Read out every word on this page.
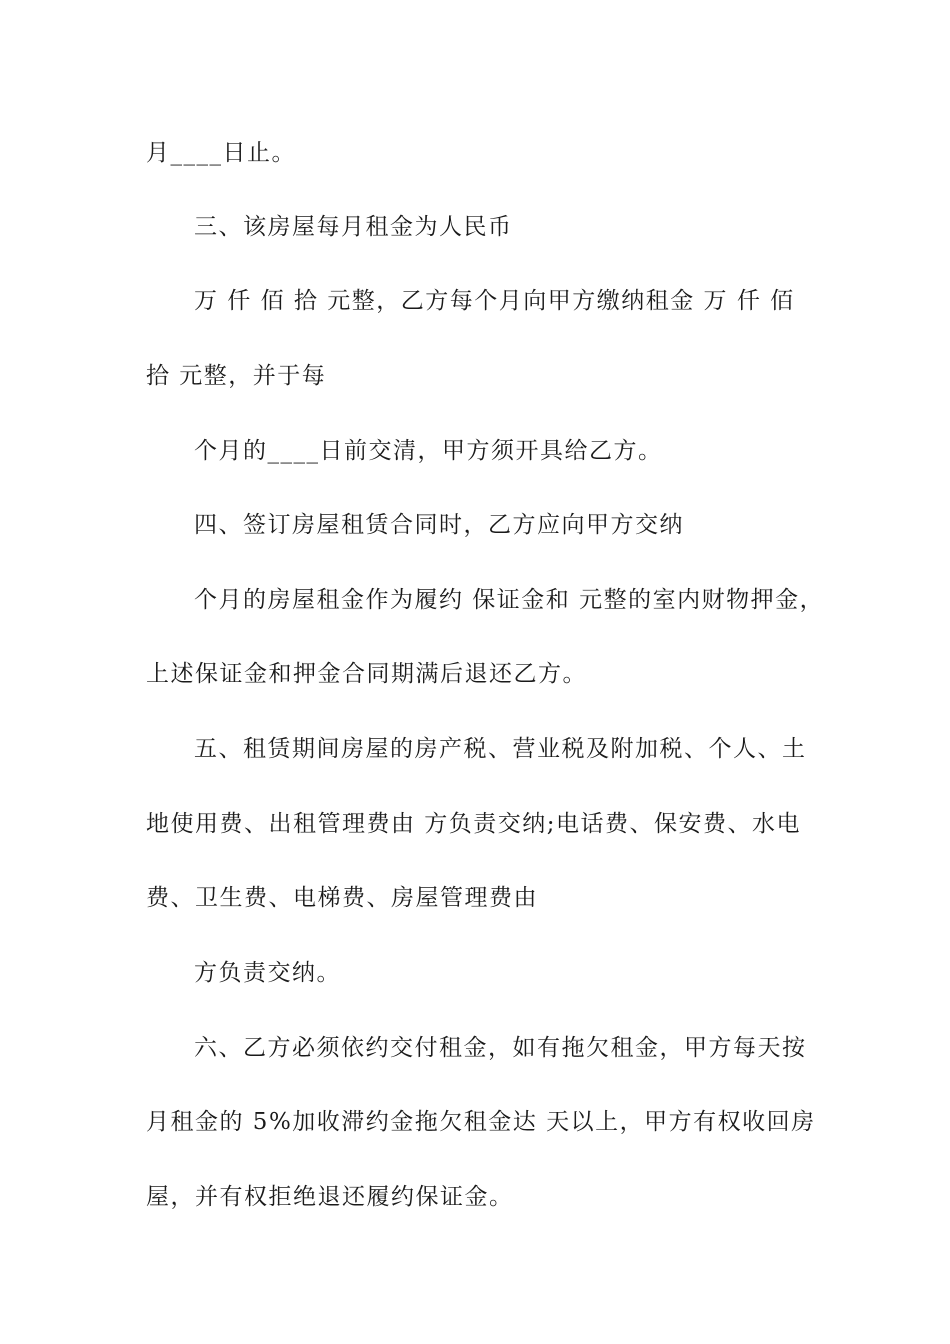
月____日止。

三、该房屋每月租金为人民币

万 仟 佰 拾 元整，乙方每个月向甲方缴纳租金 万 仟 佰

拾 元整，并于每

个月的____日前交清，甲方须开具给乙方。

四、签订房屋租赁合同时，乙方应向甲方交纳

个月的房屋租金作为履约 保证金和 元整的室内财物押金，

上述保证金和押金合同期满后退还乙方。

五、租赁期间房屋的房产税、营业税及附加税、个人、土

地使用费、出租管理费由 方负责交纳;电话费、保安费、水电

费、卫生费、电梯费、房屋管理费由

方负责交纳。

六、乙方必须依约交付租金，如有拖欠租金，甲方每天按

月租金的 5%加收滞约金拖欠租金达 天以上，甲方有权收回房

屋，并有权拒绝退还履约保证金。
